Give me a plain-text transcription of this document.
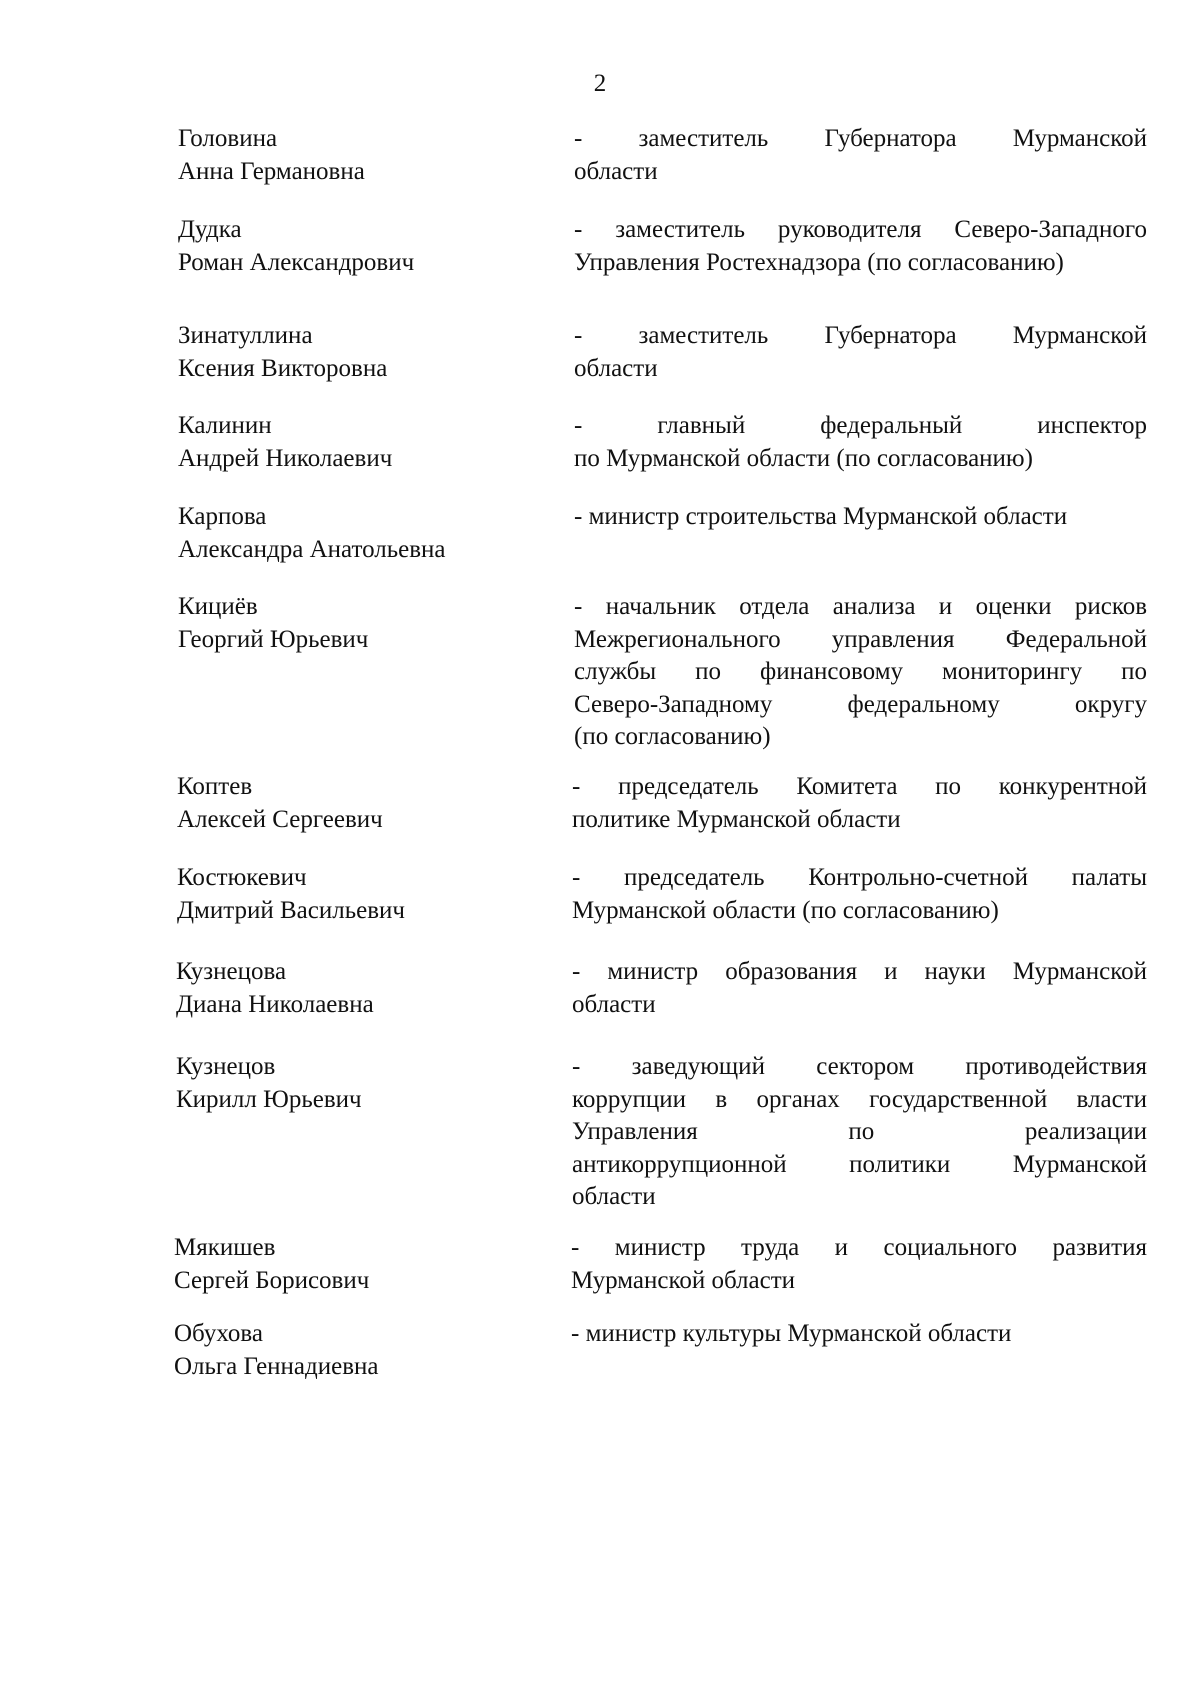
2
Головина
Анна Германовна
- заместитель Губернатора Мурманской
области
Дудка
Роман Александрович
- заместитель руководителя Северо-Западного
Управления Ростехнадзора (по согласованию)
Зинатуллина
Ксения Викторовна
- заместитель Губернатора Мурманской
области
Калинин
Андрей Николаевич
- главный федеральный инспектор
по Мурманской области (по согласованию)
Карпова
Александра Анатольевна
- министр строительства Мурманской области
Кициёв
Георгий Юрьевич
- начальник отдела анализа и оценки рисков
Межрегионального управления Федеральной
службы по финансовому мониторингу по
Северо-Западному федеральному округу
(по согласованию)
Коптев
Алексей Сергеевич
- председатель Комитета по конкурентной
политике Мурманской области
Костюкевич
Дмитрий Васильевич
- председатель Контрольно-счетной палаты
Мурманской области (по согласованию)
Кузнецова
Диана Николаевна
- министр образования и науки Мурманской
области
Кузнецов
Кирилл Юрьевич
- заведующий сектором противодействия
коррупции в органах государственной власти
Управления по реализации
антикоррупционной политики Мурманской
области
Мякишев
Сергей Борисович
- министр труда и социального развития
Мурманской области
Обухова
Ольга Геннадиевна
- министр культуры Мурманской области
